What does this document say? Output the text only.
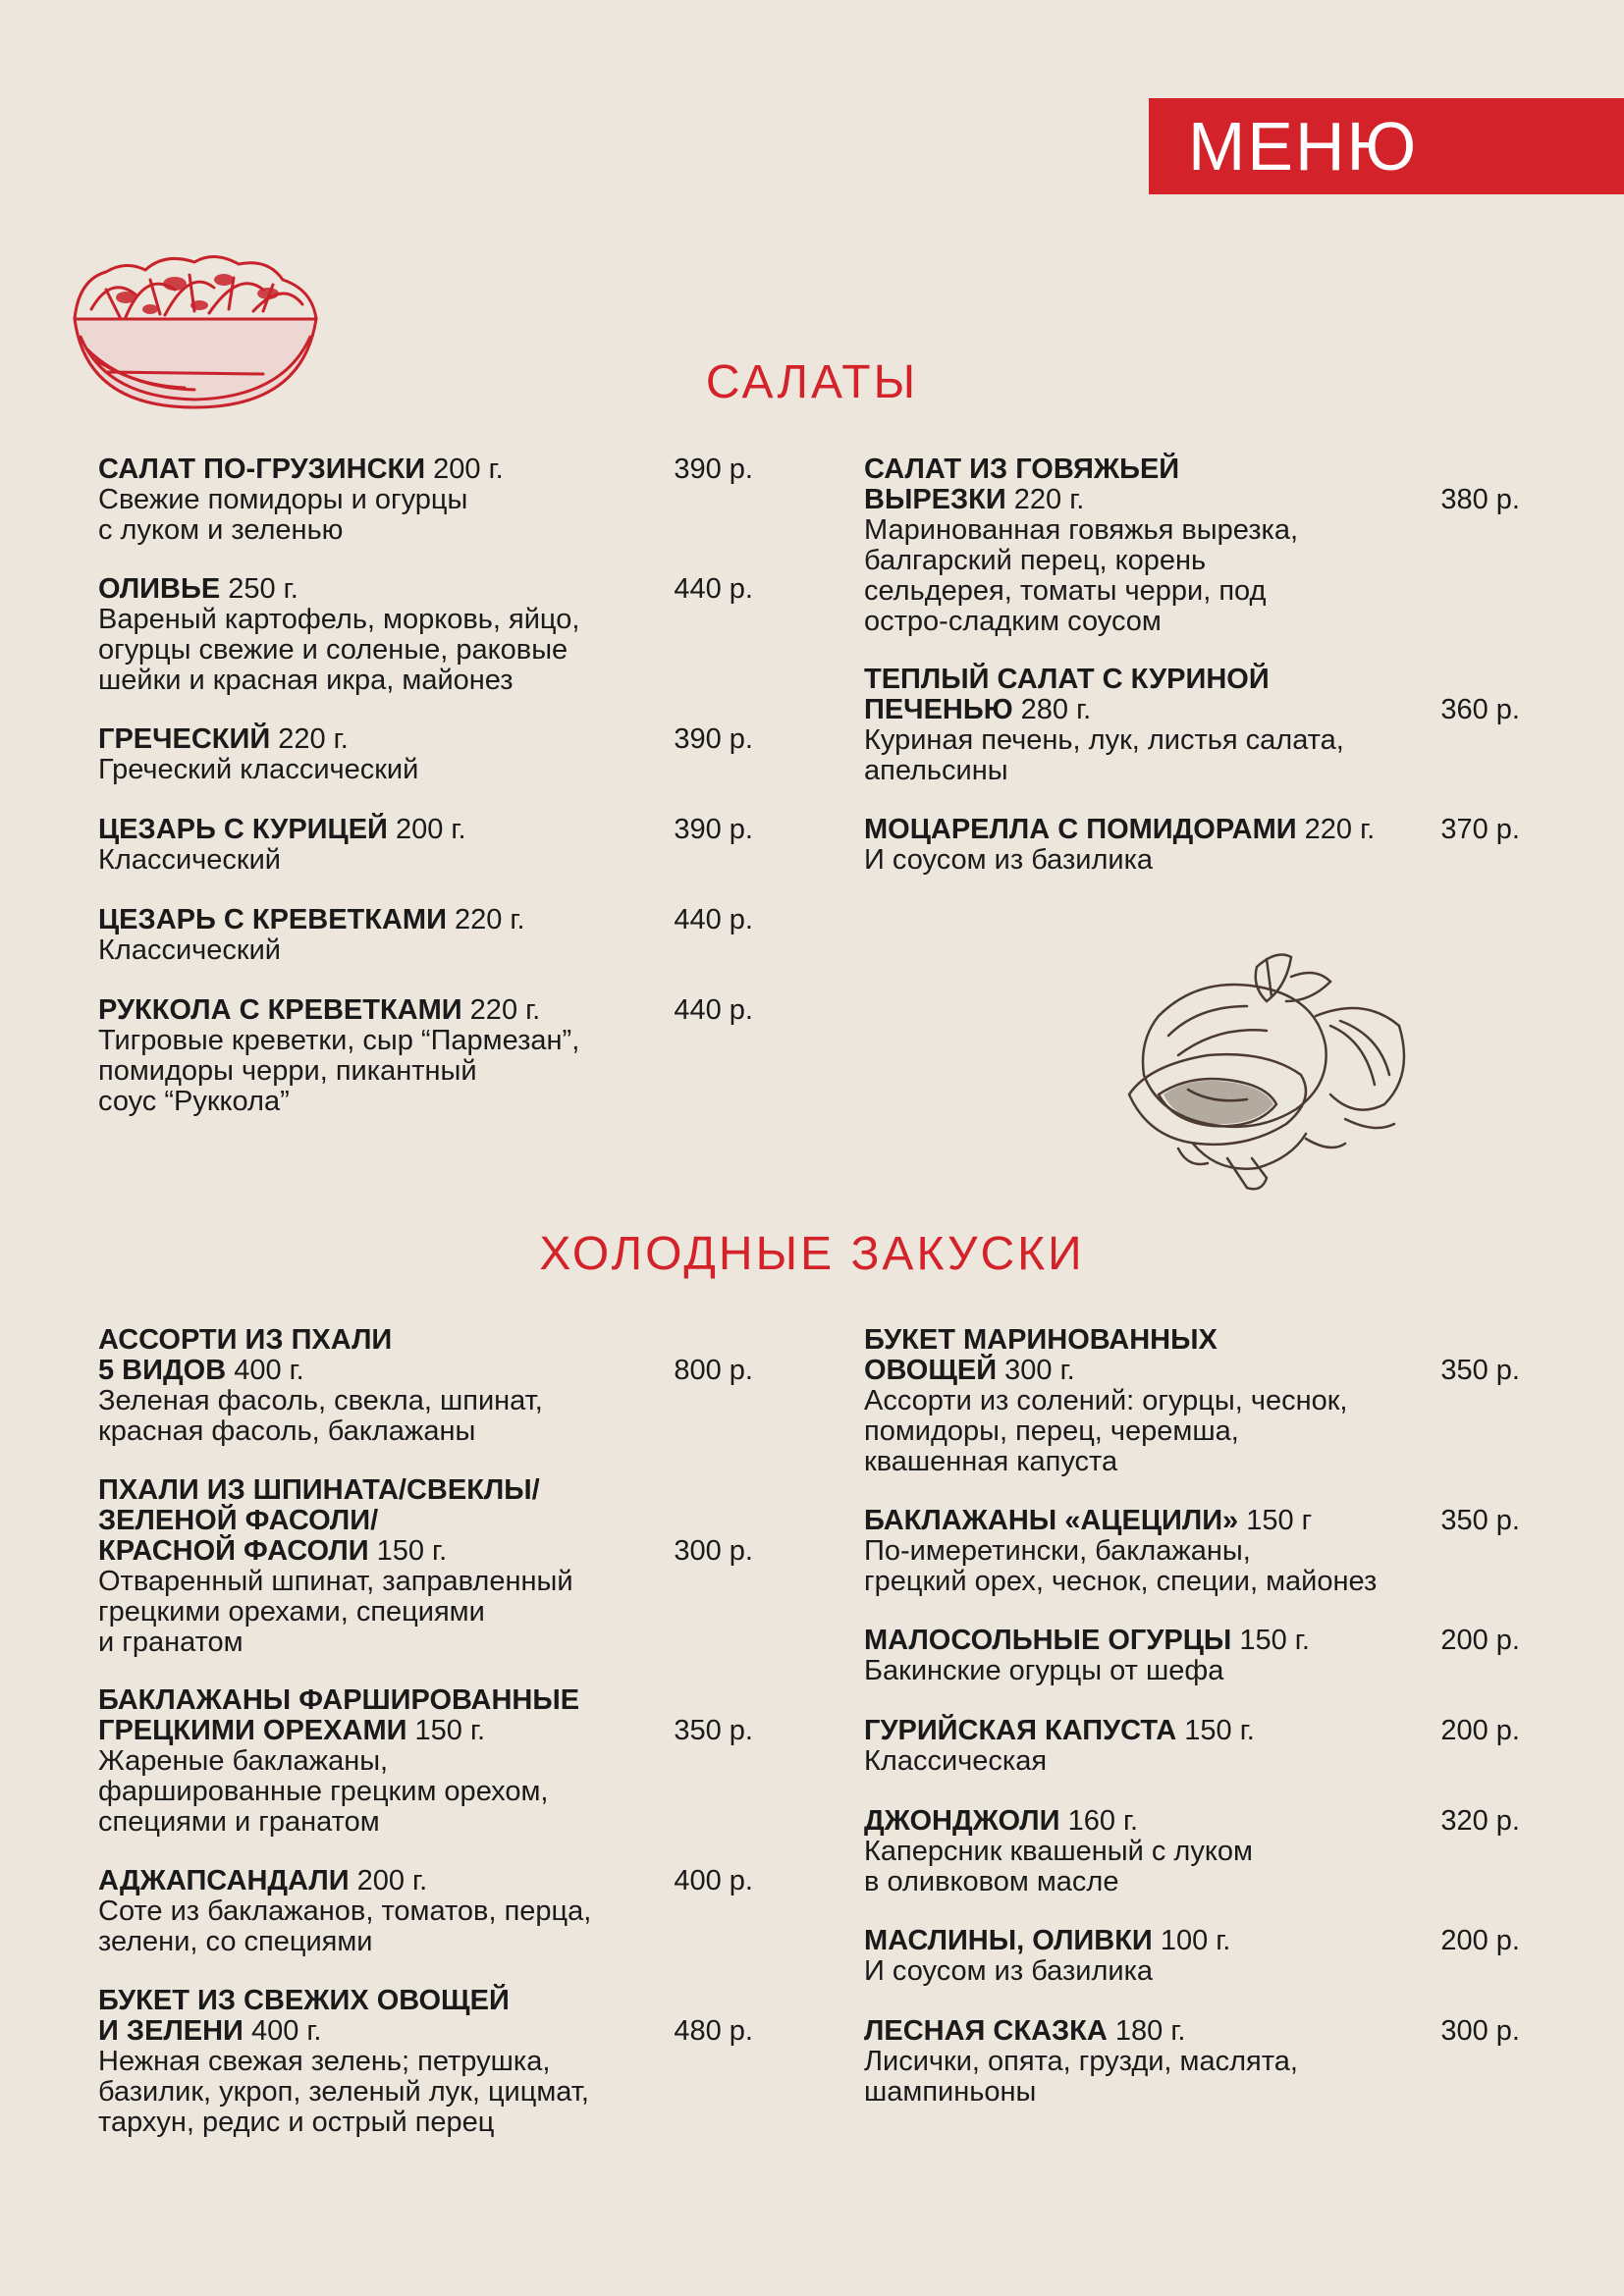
МЕНЮ
САЛАТЫ
САЛАТ ПО-ГРУЗИНСКИ 200 г.	390 р.
Свежие помидоры и огурцы
с луком и зеленью
ОЛИВЬЕ 250 г.	440 р.
Вареный картофель, морковь, яйцо,
огурцы свежие и соленые, раковые
шейки и красная икра, майонез
ГРЕЧЕСКИЙ 220 г.	390 р.
Греческий классический
ЦЕЗАРЬ С КУРИЦЕЙ 200 г.	390 р.
Классический
ЦЕЗАРЬ С КРЕВЕТКАМИ 220 г.	440 р.
Классический
РУККОЛА С КРЕВЕТКАМИ 220 г.	440 р.
Тигровые креветки, сыр “Пармезан”,
помидоры черри, пикантный
соус “Руккола”
САЛАТ ИЗ ГОВЯЖЬЕЙ
ВЫРЕЗКИ 220 г.	380 р.
Маринованная говяжья вырезка,
балгарский перец, корень
сельдерея, томаты черри, под
остро-сладким соусом
ТЕПЛЫЙ САЛАТ С КУРИНОЙ
ПЕЧЕНЬЮ 280 г.	360 р.
Куриная печень, лук, листья салата,
апельсины
МОЦАРЕЛЛА С ПОМИДОРАМИ 220 г.	370 р.
И соусом из базилика
ХОЛОДНЫЕ ЗАКУСКИ
АССОРТИ ИЗ ПХАЛИ
5 ВИДОВ 400 г.	800 р.
Зеленая фасоль, свекла, шпинат,
красная фасоль, баклажаны
ПХАЛИ ИЗ ШПИНАТА/СВЕКЛЫ/
ЗЕЛЕНОЙ ФАСОЛИ/
КРАСНОЙ ФАСОЛИ 150 г.	300 р.
Отваренный шпинат, заправленный
грецкими орехами, специями
и гранатом
БАКЛАЖАНЫ ФАРШИРОВАННЫЕ
ГРЕЦКИМИ ОРЕХАМИ 150 г.	350 р.
Жареные баклажаны,
фаршированные грецким орехом,
специями и гранатом
АДЖАПСАНДАЛИ 200 г.	400 р.
Соте из баклажанов, томатов, перца,
зелени, со специями
БУКЕТ ИЗ СВЕЖИХ ОВОЩЕЙ
И ЗЕЛЕНИ 400 г.	480 р.
Нежная свежая зелень; петрушка,
базилик, укроп, зеленый лук, цицмат,
тархун, редис и острый перец
БУКЕТ МАРИНОВАННЫХ
ОВОЩЕЙ 300 г.	350 р.
Ассорти из солений: огурцы, чеснок,
помидоры, перец, черемша,
квашенная капуста
БАКЛАЖАНЫ «АЦЕЦИЛИ» 150 г	350 р.
По-имеретински, баклажаны,
грецкий орех, чеснок, специи, майонез
МАЛОСОЛЬНЫЕ ОГУРЦЫ 150 г.	200 р.
Бакинские огурцы от шефа
ГУРИЙСКАЯ КАПУСТА 150 г.	200 р.
Классическая
ДЖОНДЖОЛИ 160 г.	320 р.
Каперсник квашеный с луком
в оливковом масле
МАСЛИНЫ, ОЛИВКИ 100 г.	200 р.
И соусом из базилика
ЛЕСНАЯ СКАЗКА 180 г.	300 р.
Лисички, опята, грузди, маслята,
шампиньоны
